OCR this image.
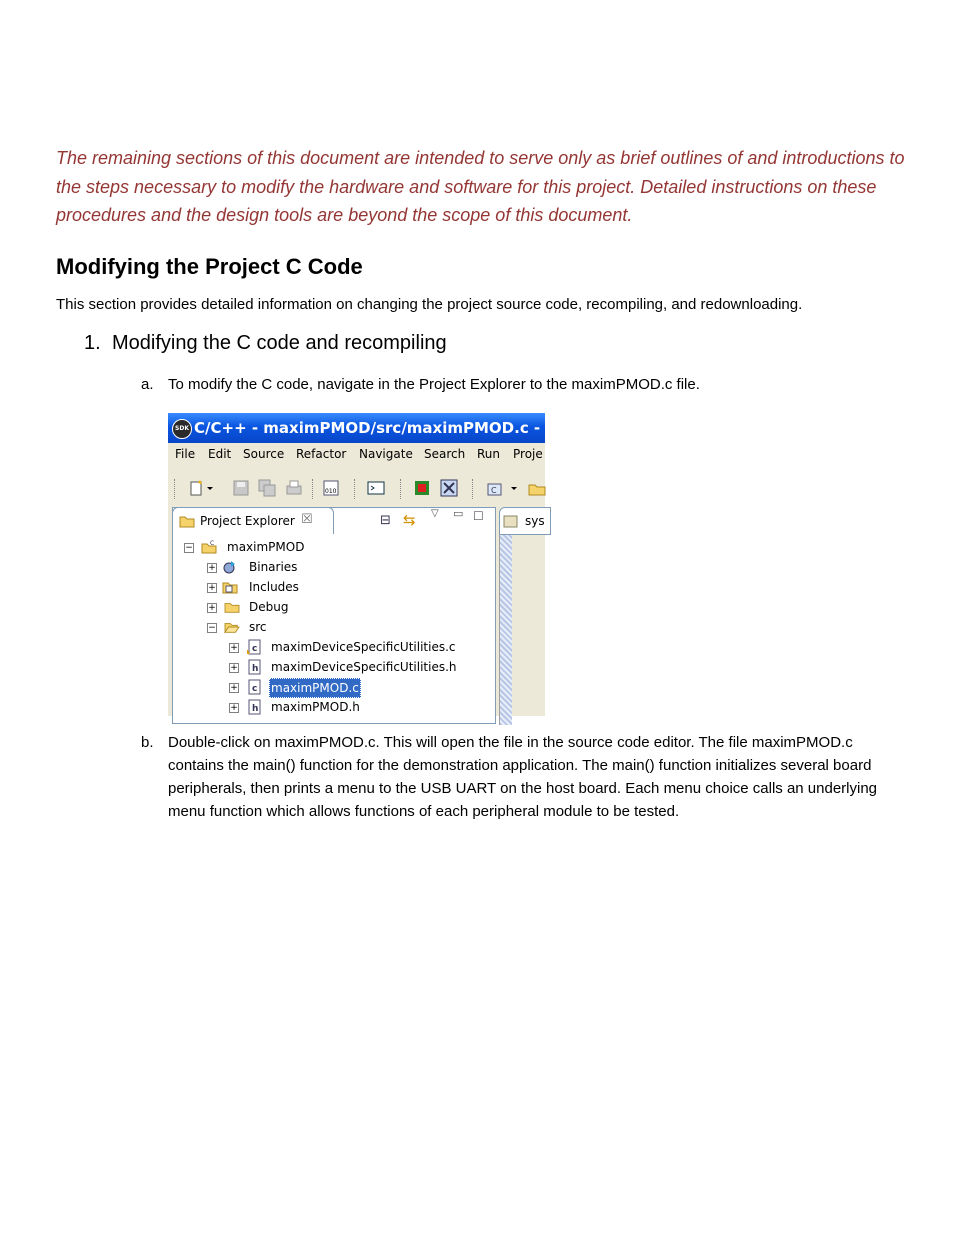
The remaining sections of this document are intended to serve only as brief outlines of and introductions to the steps necessary to modify the hardware and software for this project. Detailed instructions on these procedures and the design tools are beyond the scope of this document.

Modifying the Project C Code

This section provides detailed information on changing the project source code, recompiling, and redownloading.

1. Modifying the C code and recompiling
a. To modify the C code, navigate in the Project Explorer to the maximPMOD.c file.

SDK C/C++ - maximPMOD/src/maximPMOD.c - Xilinx S
File Edit Source Refactor Navigate Search Run Proje
010	C
Project Explorer ☒	⊟ ⇆ ▽ ▭ ☐	sys
−	C maximPMOD
+	Binaries
+	Includes
+	Debug
−	src
+ c maximDeviceSpecificUtilities.c
+ h maximDeviceSpecificUtilities.h
+ c maximPMOD.c
+ h maximPMOD.h
b. Double-click on maximPMOD.c. This will open the file in the source code editor. The file maximPMOD.c contains the main() function for the demonstration application. The main() function initializes several board peripherals, then prints a menu to the USB UART on the host board. Each menu choice calls an underlying menu function which allows functions of each peripheral module to be tested.
